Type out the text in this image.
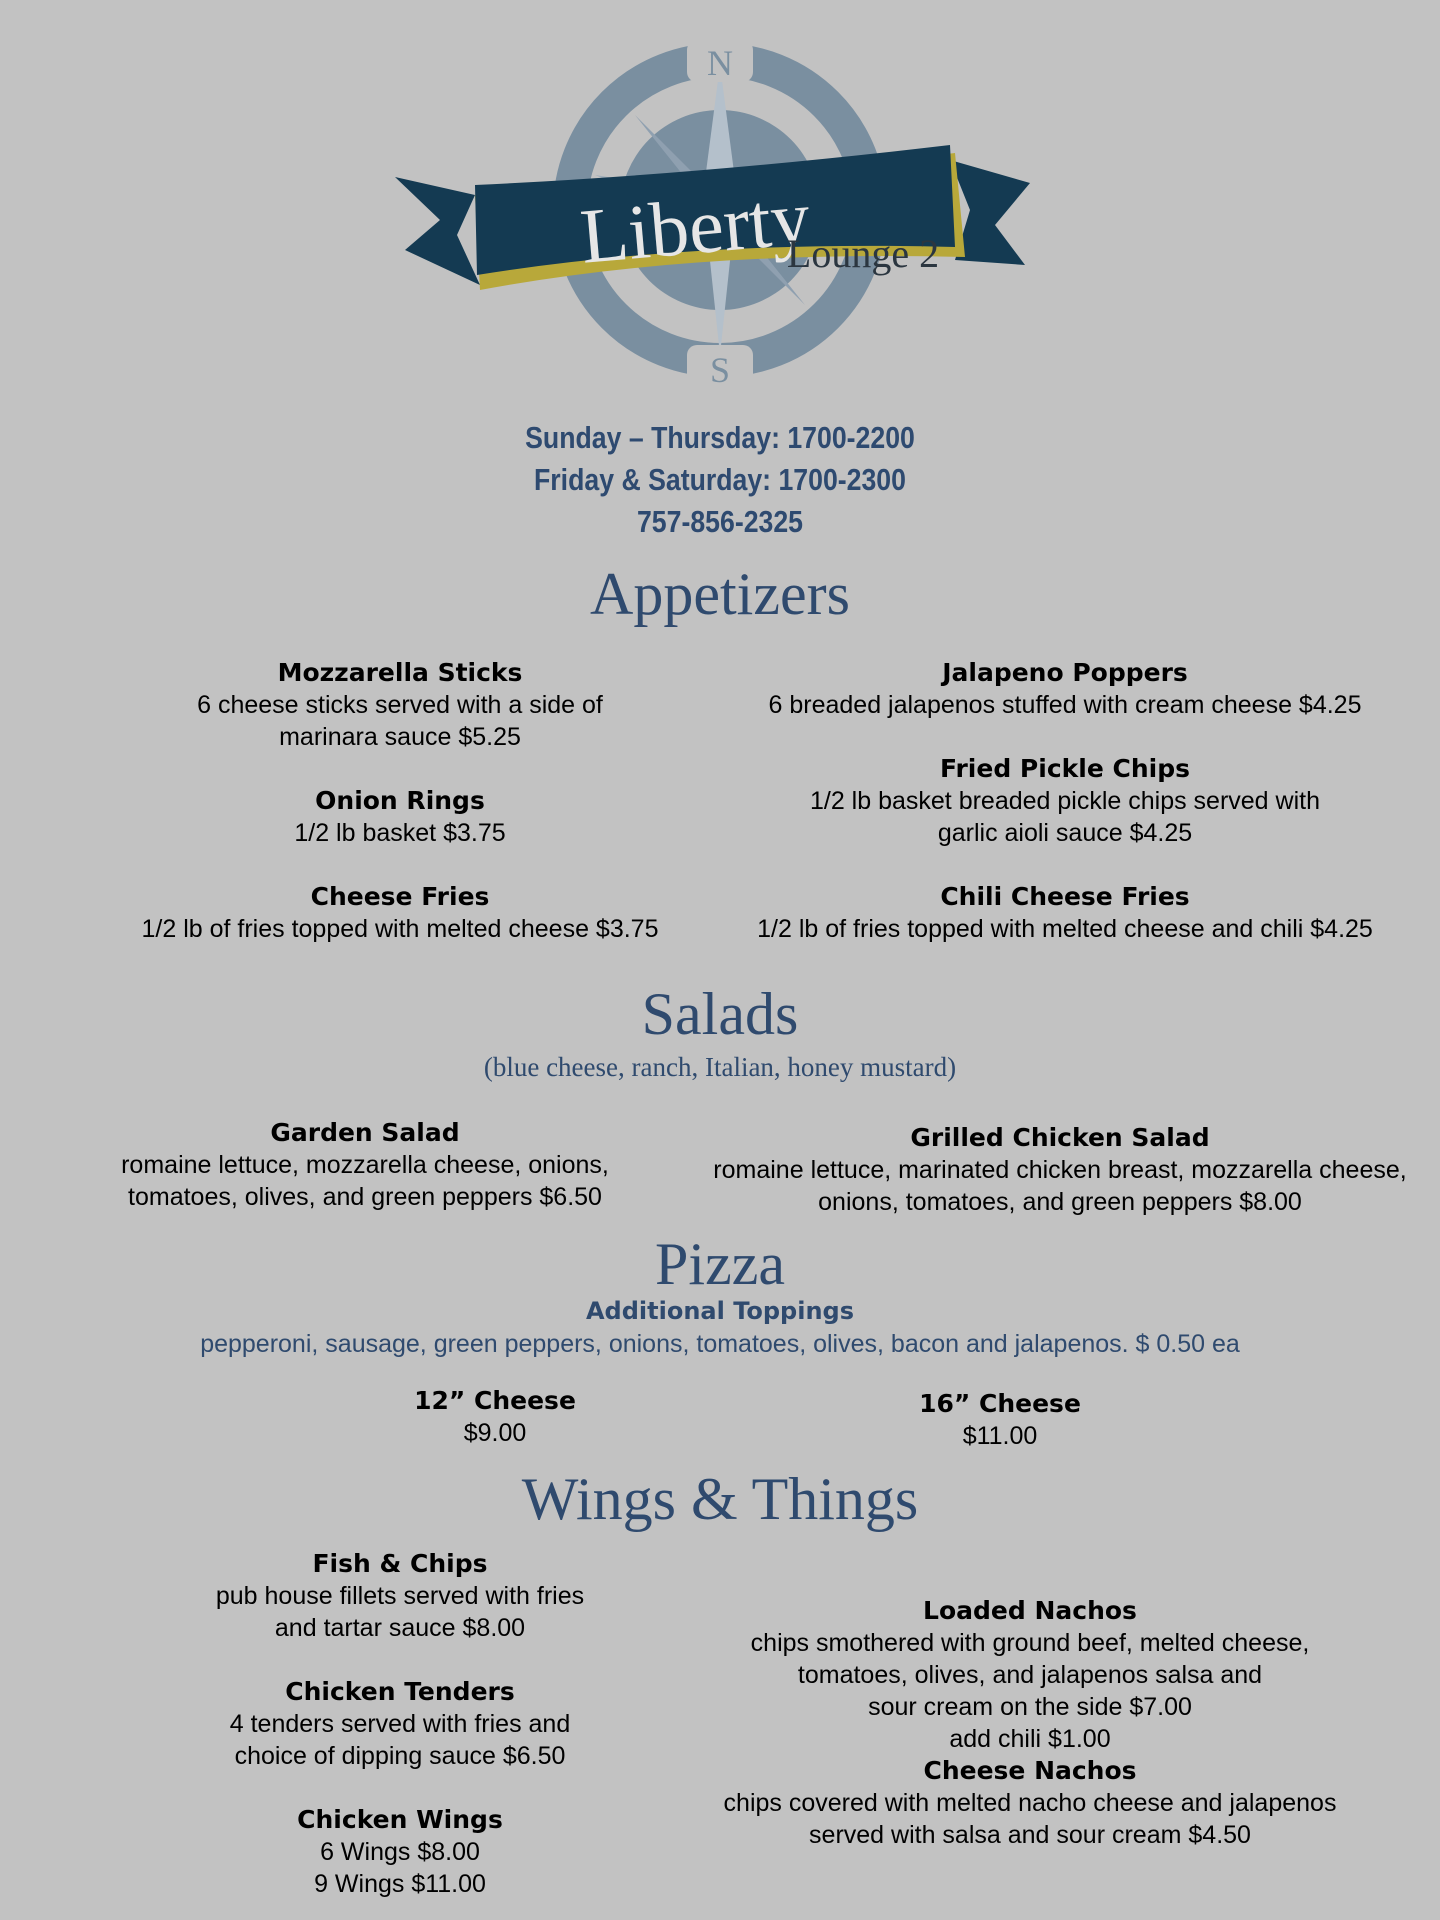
N
S
Liberty
Lounge 2
Sunday – Thursday: 1700-2200
Friday & Saturday: 1700-2300
757-856-2325
Appetizers
Mozzarella Sticks
6 cheese sticks served with a side of
marinara sauce $5.25
Onion Rings
1/2 lb basket $3.75
Cheese Fries
1/2 lb of fries topped with melted cheese $3.75
Jalapeno Poppers
6 breaded jalapenos stuffed with cream cheese $4.25
Fried Pickle Chips
1/2 lb basket breaded pickle chips served with
garlic aioli sauce $4.25
Chili Cheese Fries
1/2 lb of fries topped with melted cheese and chili $4.25
Salads
(blue cheese, ranch, Italian, honey mustard)
Garden Salad
romaine lettuce, mozzarella cheese, onions,
tomatoes, olives, and green peppers $6.50
Grilled Chicken Salad
romaine lettuce, marinated chicken breast, mozzarella cheese,
onions, tomatoes, and green peppers $8.00
Pizza
Additional Toppings
pepperoni, sausage, green peppers, onions, tomatoes, olives, bacon and jalapenos. $ 0.50 ea
12” Cheese
$9.00
16” Cheese
$11.00
Wings & Things
Fish & Chips
pub house fillets served with fries
and tartar sauce $8.00
Chicken Tenders
4 tenders served with fries and
choice of dipping sauce $6.50
Chicken Wings
6 Wings $8.00
9 Wings $11.00
Loaded Nachos
chips smothered with ground beef, melted cheese,
tomatoes, olives, and jalapenos salsa and
sour cream on the side $7.00
add chili $1.00
Cheese Nachos
chips covered with melted nacho cheese and jalapenos
served with salsa and sour cream $4.50
